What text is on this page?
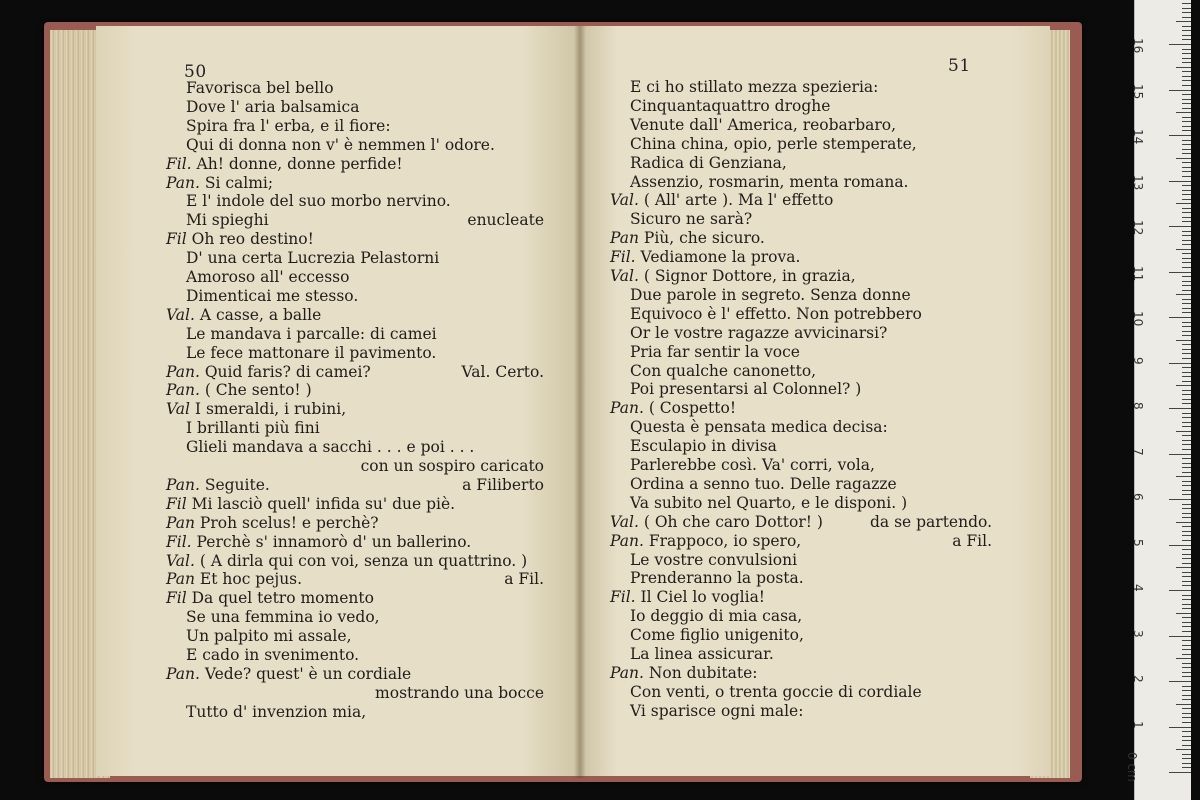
50
Favorisca bel bello
Dove l' aria balsamica
Spira fra l' erba, e il fiore:
Qui di donna non v' è nemmen l' odore.
Fil. Ah! donne, donne perfide!
Pan. Si calmi;
E l' indole del suo morbo nervino.
Mi spieghi	enucleate
Fil Oh reo destino!
D' una certa Lucrezia Pelastorni
Amoroso all' eccesso
Dimenticai me stesso.
Val. A casse, a balle
Le mandava i parcalle: di camei
Le fece mattonare il pavimento.
Pan. Quid faris? di camei?	Val. Certo.
Pan. ( Che sento! )
Val I smeraldi, i rubini,
I brillanti più fini
Glieli mandava a sacchi . . . e poi . . .
con un sospiro caricato
Pan. Seguite.	a Filiberto
Fil Mi lasciò quell' infida su' due piè.
Pan Proh scelus! e perchè?
Fil. Perchè s' innamorò d' un ballerino.
Val. ( A dirla qui con voi, senza un quattrino. )
Pan Et hoc pejus.	a Fil.
Fil Da quel tetro momento
Se una femmina io vedo,
Un palpito mi assale,
E cado in svenimento.
Pan. Vede? quest' è un cordiale
mostrando una bocce
Tutto d' invenzion mia,
51
E ci ho stillato mezza spezieria:
Cinquantaquattro droghe
Venute dall' America, reobarbaro,
China china, opio, perle stemperate,
Radica di Genziana,
Assenzio, rosmarin, menta romana.
Val. ( All' arte ). Ma l' effetto
Sicuro ne sarà?
Pan Più, che sicuro.
Fil. Vediamone la prova.
Val. ( Signor Dottore, in grazia,
Due parole in segreto. Senza donne
Equivoco è l' effetto. Non potrebbero
Or le vostre ragazze avvicinarsi?
Pria far sentir la voce
Con qualche canonetto,
Poi presentarsi al Colonnel? )
Pan. ( Cospetto!
Questa è pensata medica decisa:
Esculapio in divisa
Parlerebbe così. Va' corri, vola,
Ordina a senno tuo. Delle ragazze
Va subito nel Quarto, e le disponi. )
Val. ( Oh che caro Dottor! )	da se partendo.
Pan. Frappoco, io spero,	a Fil.
Le vostre convulsioni
Prenderanno la posta.
Fil. Il Ciel lo voglia!
Io deggio di mia casa,
Come figlio unigenito,
La linea assicurar.
Pan. Non dubitate:
Con venti, o trenta goccie di cordiale
Vi sparisce ogni male:
1
2
3
4
5
6
7
8
9
10
11
12
13
14
15
16
0 cm
